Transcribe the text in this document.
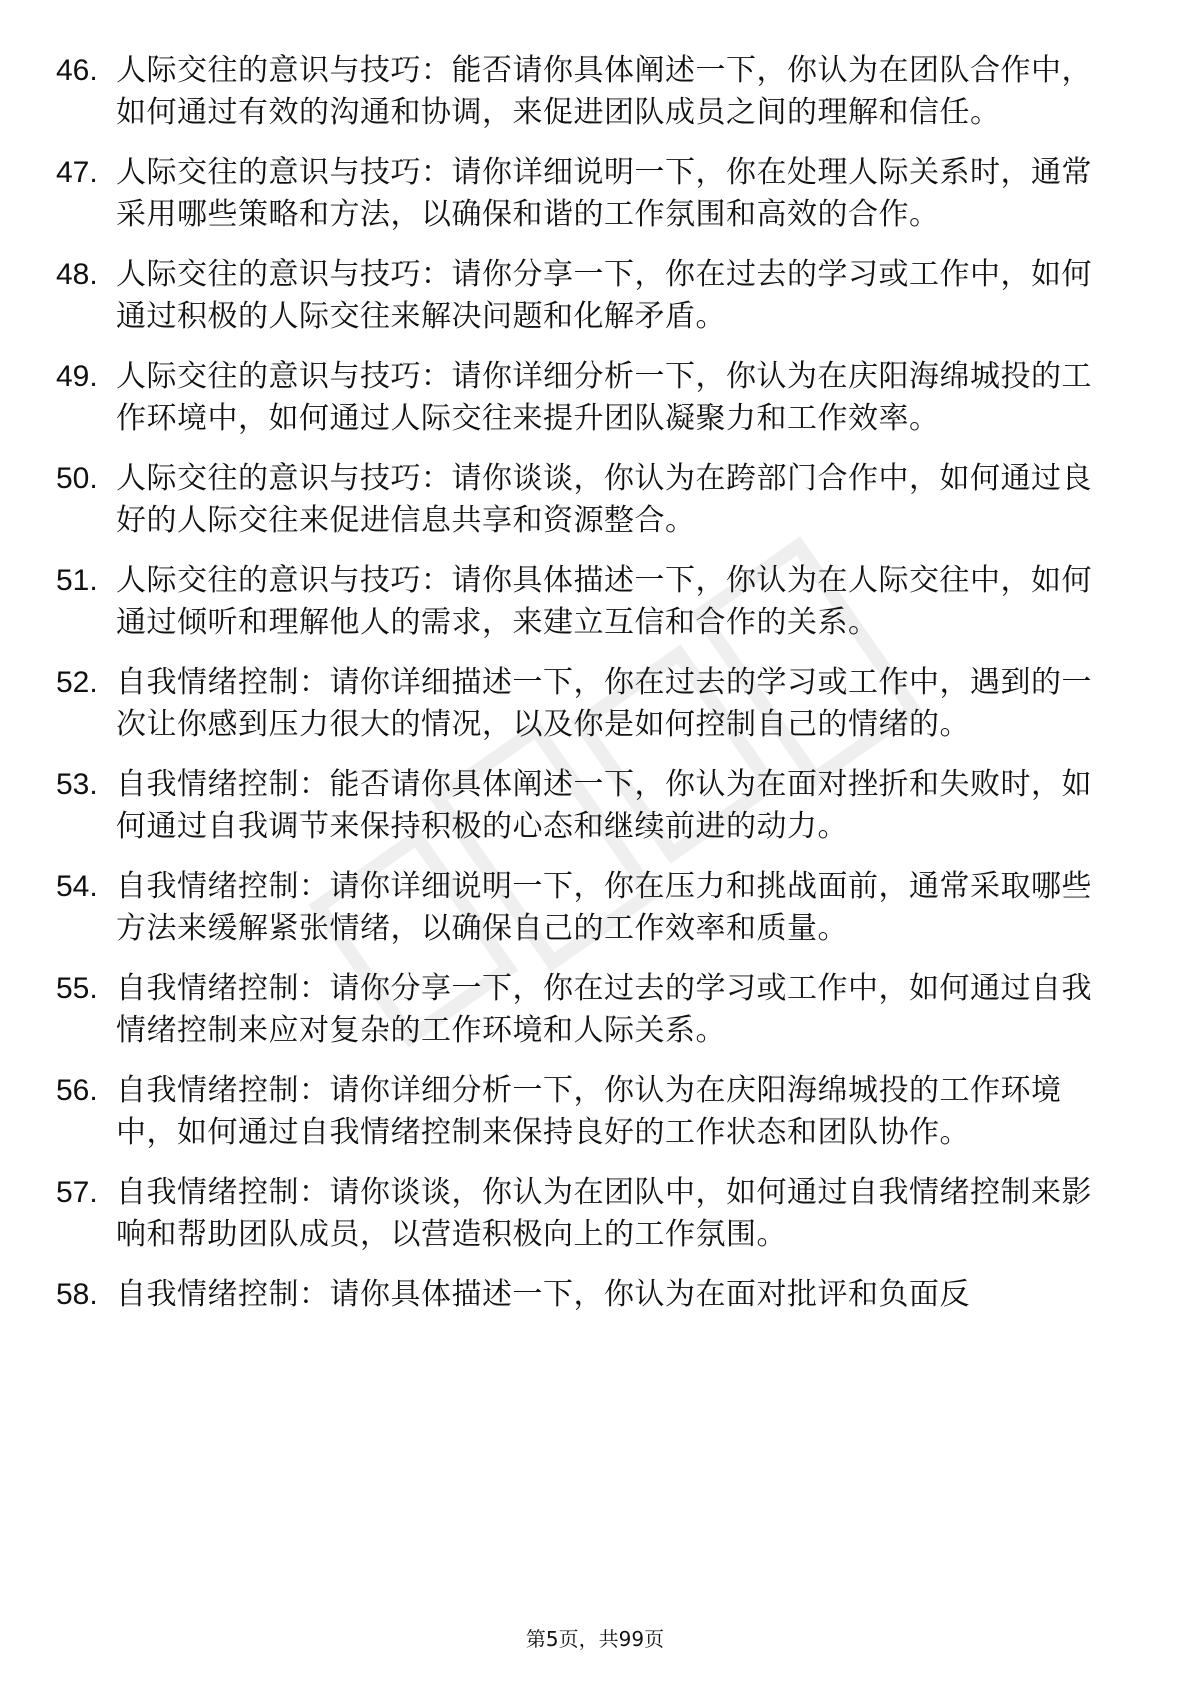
46. 人际交往的意识与技巧：能否请你具体阐述一下，你认为在团队合作中，如何通过有效的沟通和协调，来促进团队成员之间的理解和信任。
47. 人际交往的意识与技巧：请你详细说明一下，你在处理人际关系时，通常采用哪些策略和方法，以确保和谐的工作氛围和高效的合作。
48. 人际交往的意识与技巧：请你分享一下，你在过去的学习或工作中，如何通过积极的人际交往来解决问题和化解矛盾。
49. 人际交往的意识与技巧：请你详细分析一下，你认为在庆阳海绵城投的工作环境中，如何通过人际交往来提升团队凝聚力和工作效率。
50. 人际交往的意识与技巧：请你谈谈，你认为在跨部门合作中，如何通过良好的人际交往来促进信息共享和资源整合。
51. 人际交往的意识与技巧：请你具体描述一下，你认为在人际交往中，如何通过倾听和理解他人的需求，来建立互信和合作的关系。
52. 自我情绪控制：请你详细描述一下，你在过去的学习或工作中，遇到的一次让你感到压力很大的情况，以及你是如何控制自己的情绪的。
53. 自我情绪控制：能否请你具体阐述一下，你认为在面对挫折和失败时，如何通过自我调节来保持积极的心态和继续前进的动力。
54. 自我情绪控制：请你详细说明一下，你在压力和挑战面前，通常采取哪些方法来缓解紧张情绪，以确保自己的工作效率和质量。
55. 自我情绪控制：请你分享一下，你在过去的学习或工作中，如何通过自我情绪控制来应对复杂的工作环境和人际关系。
56. 自我情绪控制：请你详细分析一下，你认为在庆阳海绵城投的工作环境中，如何通过自我情绪控制来保持良好的工作状态和团队协作。
57. 自我情绪控制：请你谈谈，你认为在团队中，如何通过自我情绪控制来影响和帮助团队成员，以营造积极向上的工作氛围。
58. 自我情绪控制：请你具体描述一下，你认为在面对批评和负面反
第5页，共99页
